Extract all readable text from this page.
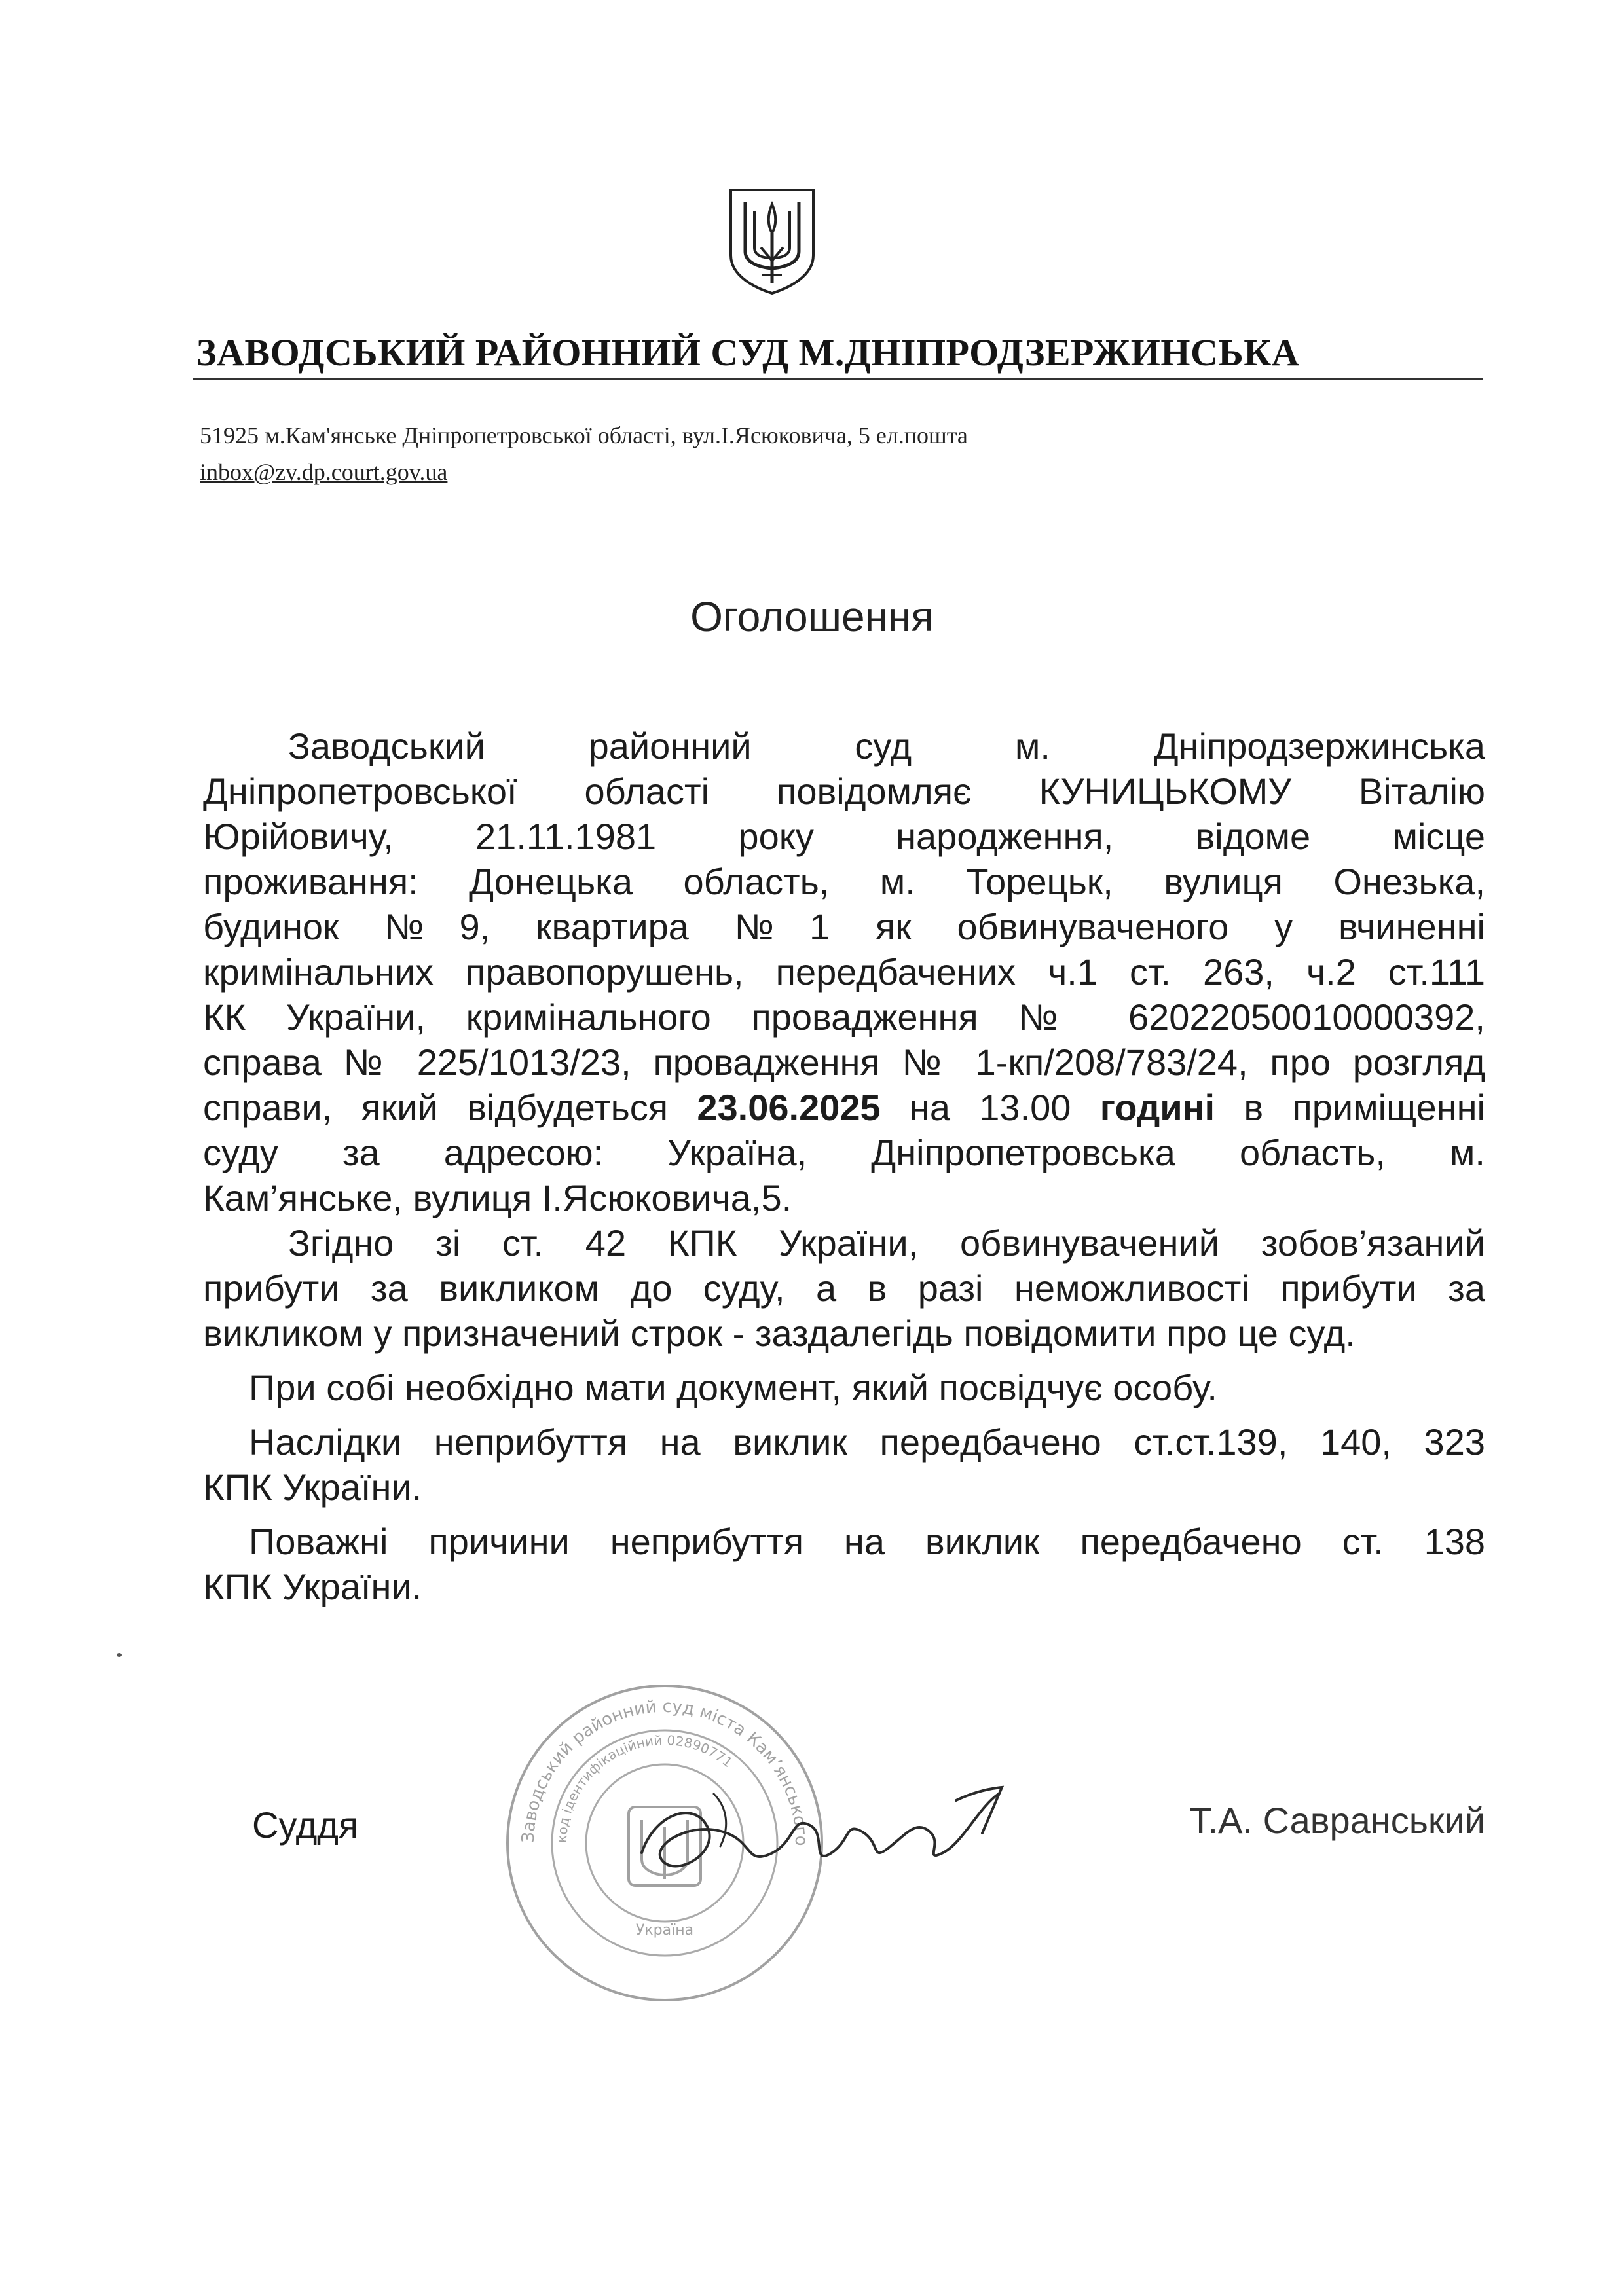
ЗАВОДСЬКИЙ РАЙОННИЙ СУД М.ДНІПРОДЗЕРЖИНСЬКА
51925 м.Кам'янське Дніпропетровської області, вул.І.Ясюковича, 5 ел.пошта
inbox@zv.dp.court.gov.ua
Оголошення

Заводський районний суд м. Дніпродзержинська

Дніпропетровської області повідомляє КУНИЦЬКОМУ Віталію

Юрійовичу, 21.11.1981 року народження, відоме місце

проживання: Донецька область, м. Торецьк, вулиця Онезька,

будинок №9, квартира №1 як обвинуваченого у вчиненні

кримінальних правопорушень, передбачених ч.1 ст. 263, ч.2 ст.111

КК України, кримінального провадження № 62022050010000392,

справа № 225/1013/23, провадження № 1-кп/208/783/24, про розгляд

справи, який відбудеться 23.06.2025 на 13.00 годині в приміщенні

суду за адресою: Україна, Дніпропетровська область, м.

Кам’янське, вулиця І.Ясюковича,5.

Згідно зі ст. 42 КПК України, обвинувачений зобов’язаний

прибути за викликом до суду, а в разі неможливості прибути за

викликом у призначений строк - заздалегідь повідомити про це суд.

При собі необхідно мати документ, який посвідчує особу.

Наслідки неприбуття на виклик передбачено ст.ст.139, 140, 323

КПК України.

Поважні причини неприбуття на виклик передбачено ст. 138

КПК України.

Заводський районний суд міста Кам’янського
код ідентифікаційний 02890771
Україна
Суддя	Т.А. Савранський
